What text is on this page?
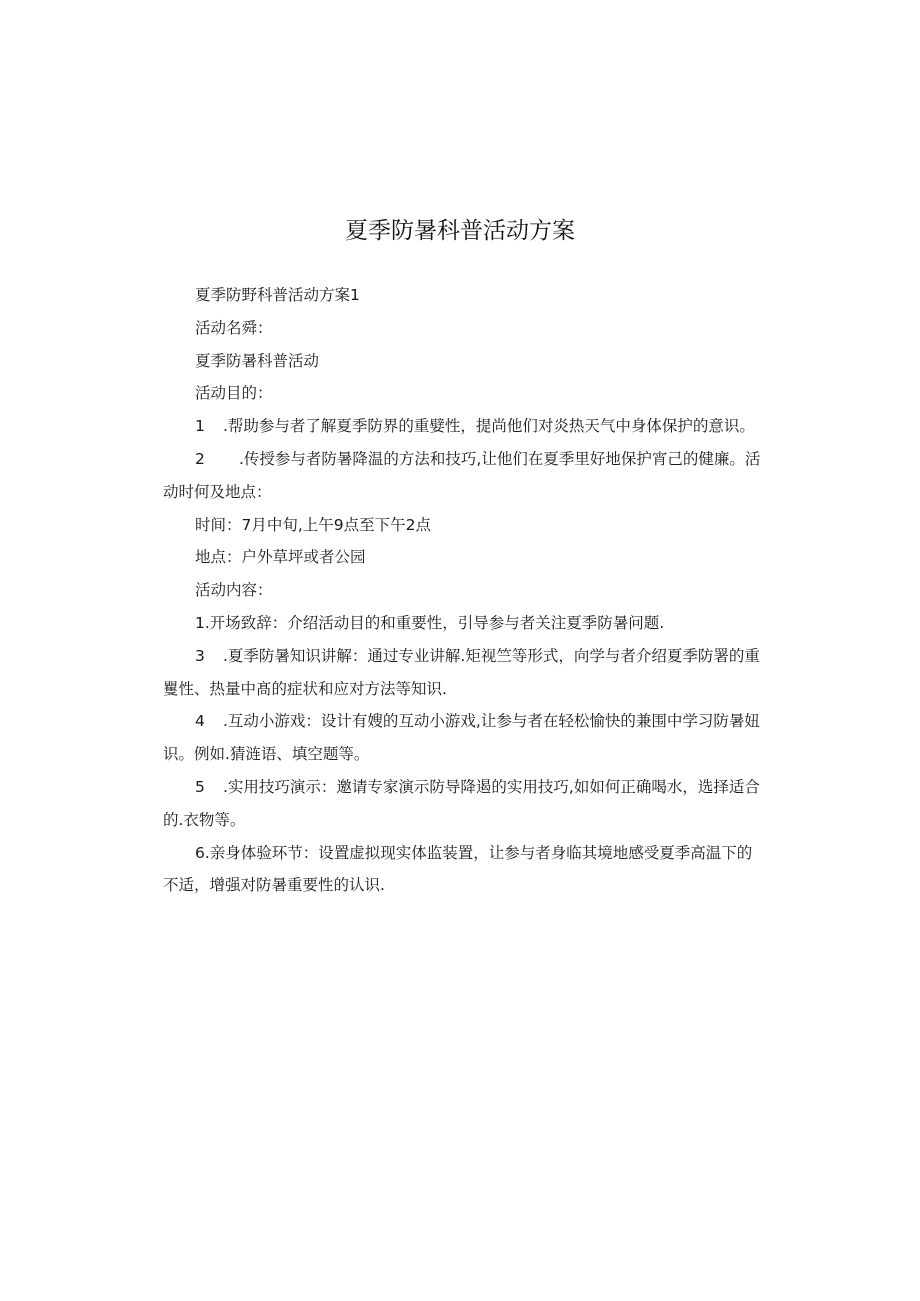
夏季防暑科普活动方案
夏季防野科普活动方案1
活动名舜：
夏季防暑科普活动
活动目的：
1 .帮助参与者了解夏季防界的重嬖性，提尚他们对炎热天气中身体保护的意识。
2 .传授参与者防暑降温的方法和技巧,让他们在夏季里好地保护宵己的健廉。活
动时何及地点：
时间：7月中旬,上午9点至下午2点
地点：户外草坪或者公园
活动内容：
1.开场致辞：介绍活动目的和重要性，引导参与者关注夏季防暑问题.
3 .夏季防暑知识讲解：通过专业讲解.矩视竺等形式，向学与者介绍夏季防署的重
矍性、热量中髙的症状和应对方法等知识.
4 .互动小游戏：设计有嫂的互动小游戏,让参与者在轻松愉快的兼围中学习防暑妞
识。例如.猜涟语、填空题等。
5 .实用技巧演示：邀请专家演示防导降遏的实用技巧,如如何正确喝水，选择适合
的.衣物等。
6.亲身体验环节：设置虚拟现实体监装置，让参与者身临其境地感受夏季高温下的
不适，增强对防暑重要性的认识.
